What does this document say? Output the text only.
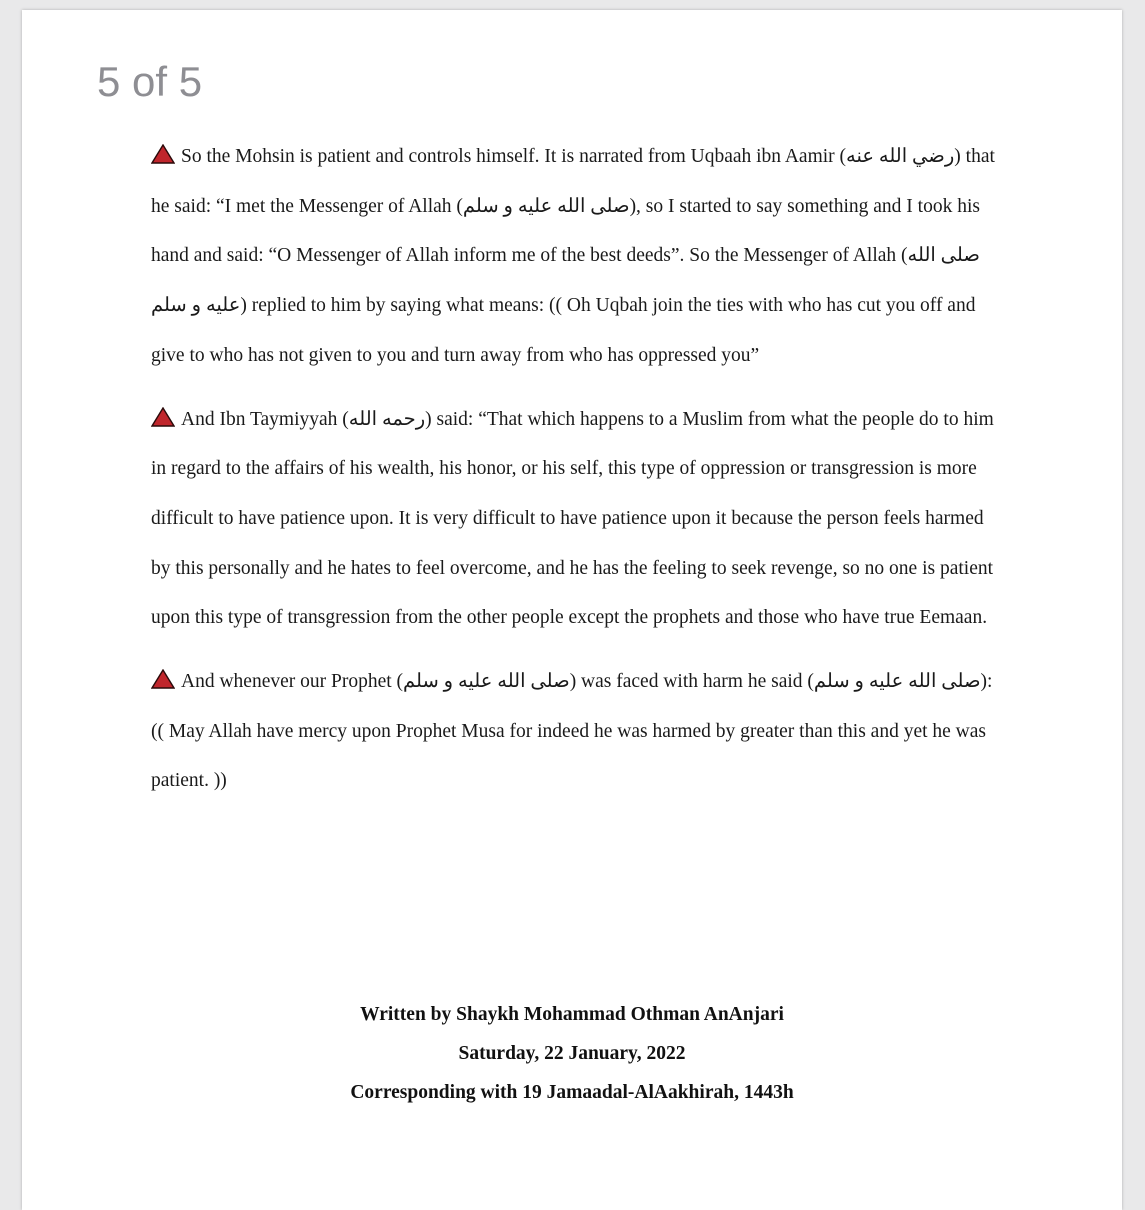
5 of 5

So the Mohsin is patient and controls himself. It is narrated from Uqbaah ibn Aamir (رضي الله عنه) that he said: “I met the Messenger of Allah (صلى الله عليه و سلم), so I started to say something and I took his hand and said: “O Messenger of Allah inform me of the best deeds”. So the Messenger of Allah (صلى الله عليه و سلم) replied to him by saying what means: (( Oh Uqbah join the ties with who has cut you off and give to who has not given to you and turn away from who has oppressed you”

And Ibn Taymiyyah (رحمه الله) said: “That which happens to a Muslim from what the people do to him in regard to the affairs of his wealth, his honor, or his self, this type of oppression or transgression is more difficult to have patience upon. It is very difficult to have patience upon it because the person feels harmed by this personally and he hates to feel overcome, and he has the feeling to seek revenge, so no one is patient upon this type of transgression from the other people except the prophets and those who have true Eemaan.

And whenever our Prophet (صلى الله عليه و سلم) was faced with harm he said (صلى الله عليه و سلم): (( May Allah have mercy upon Prophet Musa for indeed he was harmed by greater than this and yet he was patient. ))

Written by Shaykh Mohammad Othman AnAnjari
Saturday, 22 January, 2022
Corresponding with 19 Jamaadal-AlAakhirah, 1443h
